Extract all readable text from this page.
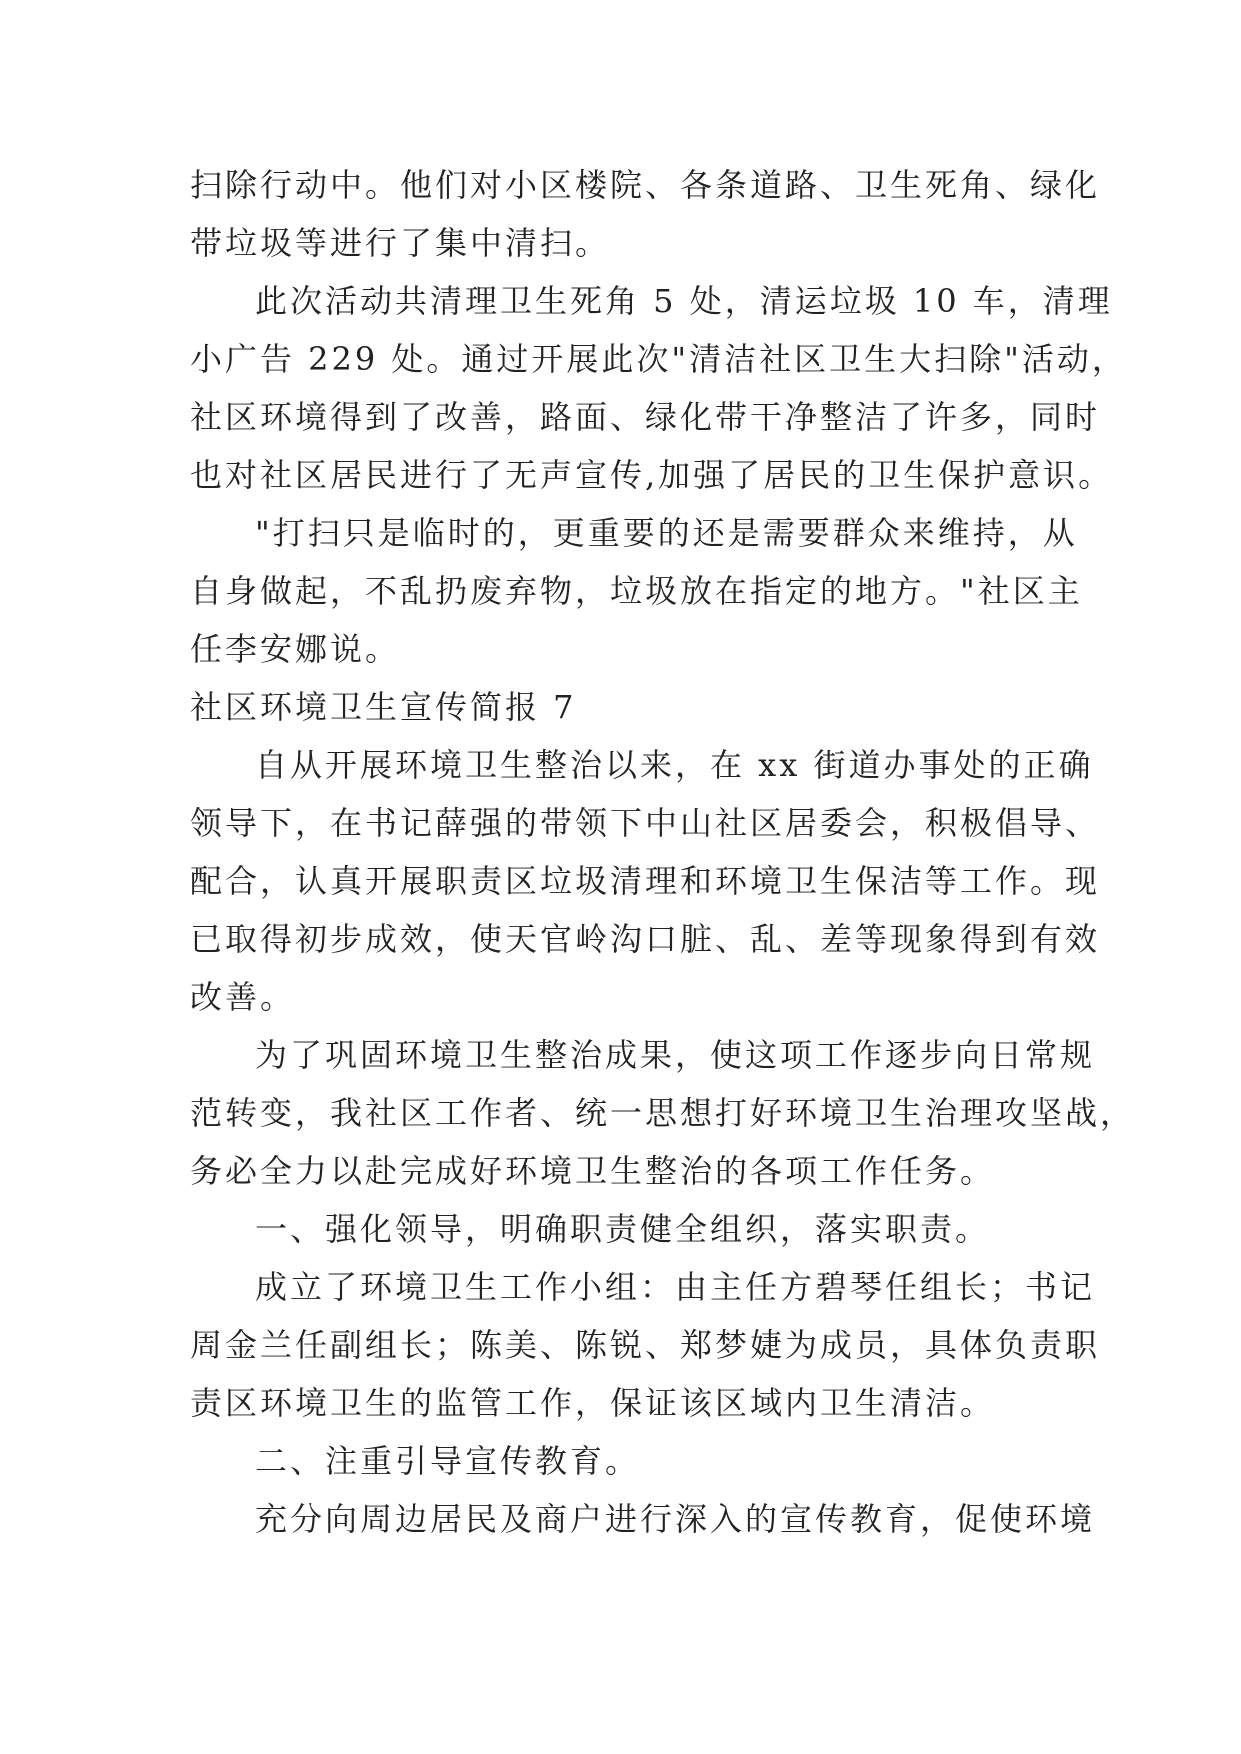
扫除行动中。他们对小区楼院、各条道路、卫生死角、绿化
带垃圾等进行了集中清扫。
此次活动共清理卫生死角 5 处，清运垃圾 10 车，清理
小广告 229 处。通过开展此次"清洁社区卫生大扫除"活动，
社区环境得到了改善，路面、绿化带干净整洁了许多，同时
也对社区居民进行了无声宣传,加强了居民的卫生保护意识。
"打扫只是临时的，更重要的还是需要群众来维持，从
自身做起，不乱扔废弃物，垃圾放在指定的地方。"社区主
任李安娜说。
社区环境卫生宣传简报 7
自从开展环境卫生整治以来，在 xx 街道办事处的正确
领导下，在书记薛强的带领下中山社区居委会，积极倡导、
配合，认真开展职责区垃圾清理和环境卫生保洁等工作。现
已取得初步成效，使天官岭沟口脏、乱、差等现象得到有效
改善。
为了巩固环境卫生整治成果，使这项工作逐步向日常规
范转变，我社区工作者、统一思想打好环境卫生治理攻坚战，
务必全力以赴完成好环境卫生整治的各项工作任务。
一、强化领导，明确职责健全组织，落实职责。
成立了环境卫生工作小组：由主任方碧琴任组长；书记
周金兰任副组长；陈美、陈锐、郑梦婕为成员，具体负责职
责区环境卫生的监管工作，保证该区域内卫生清洁。
二、注重引导宣传教育。
充分向周边居民及商户进行深入的宣传教育，促使环境
